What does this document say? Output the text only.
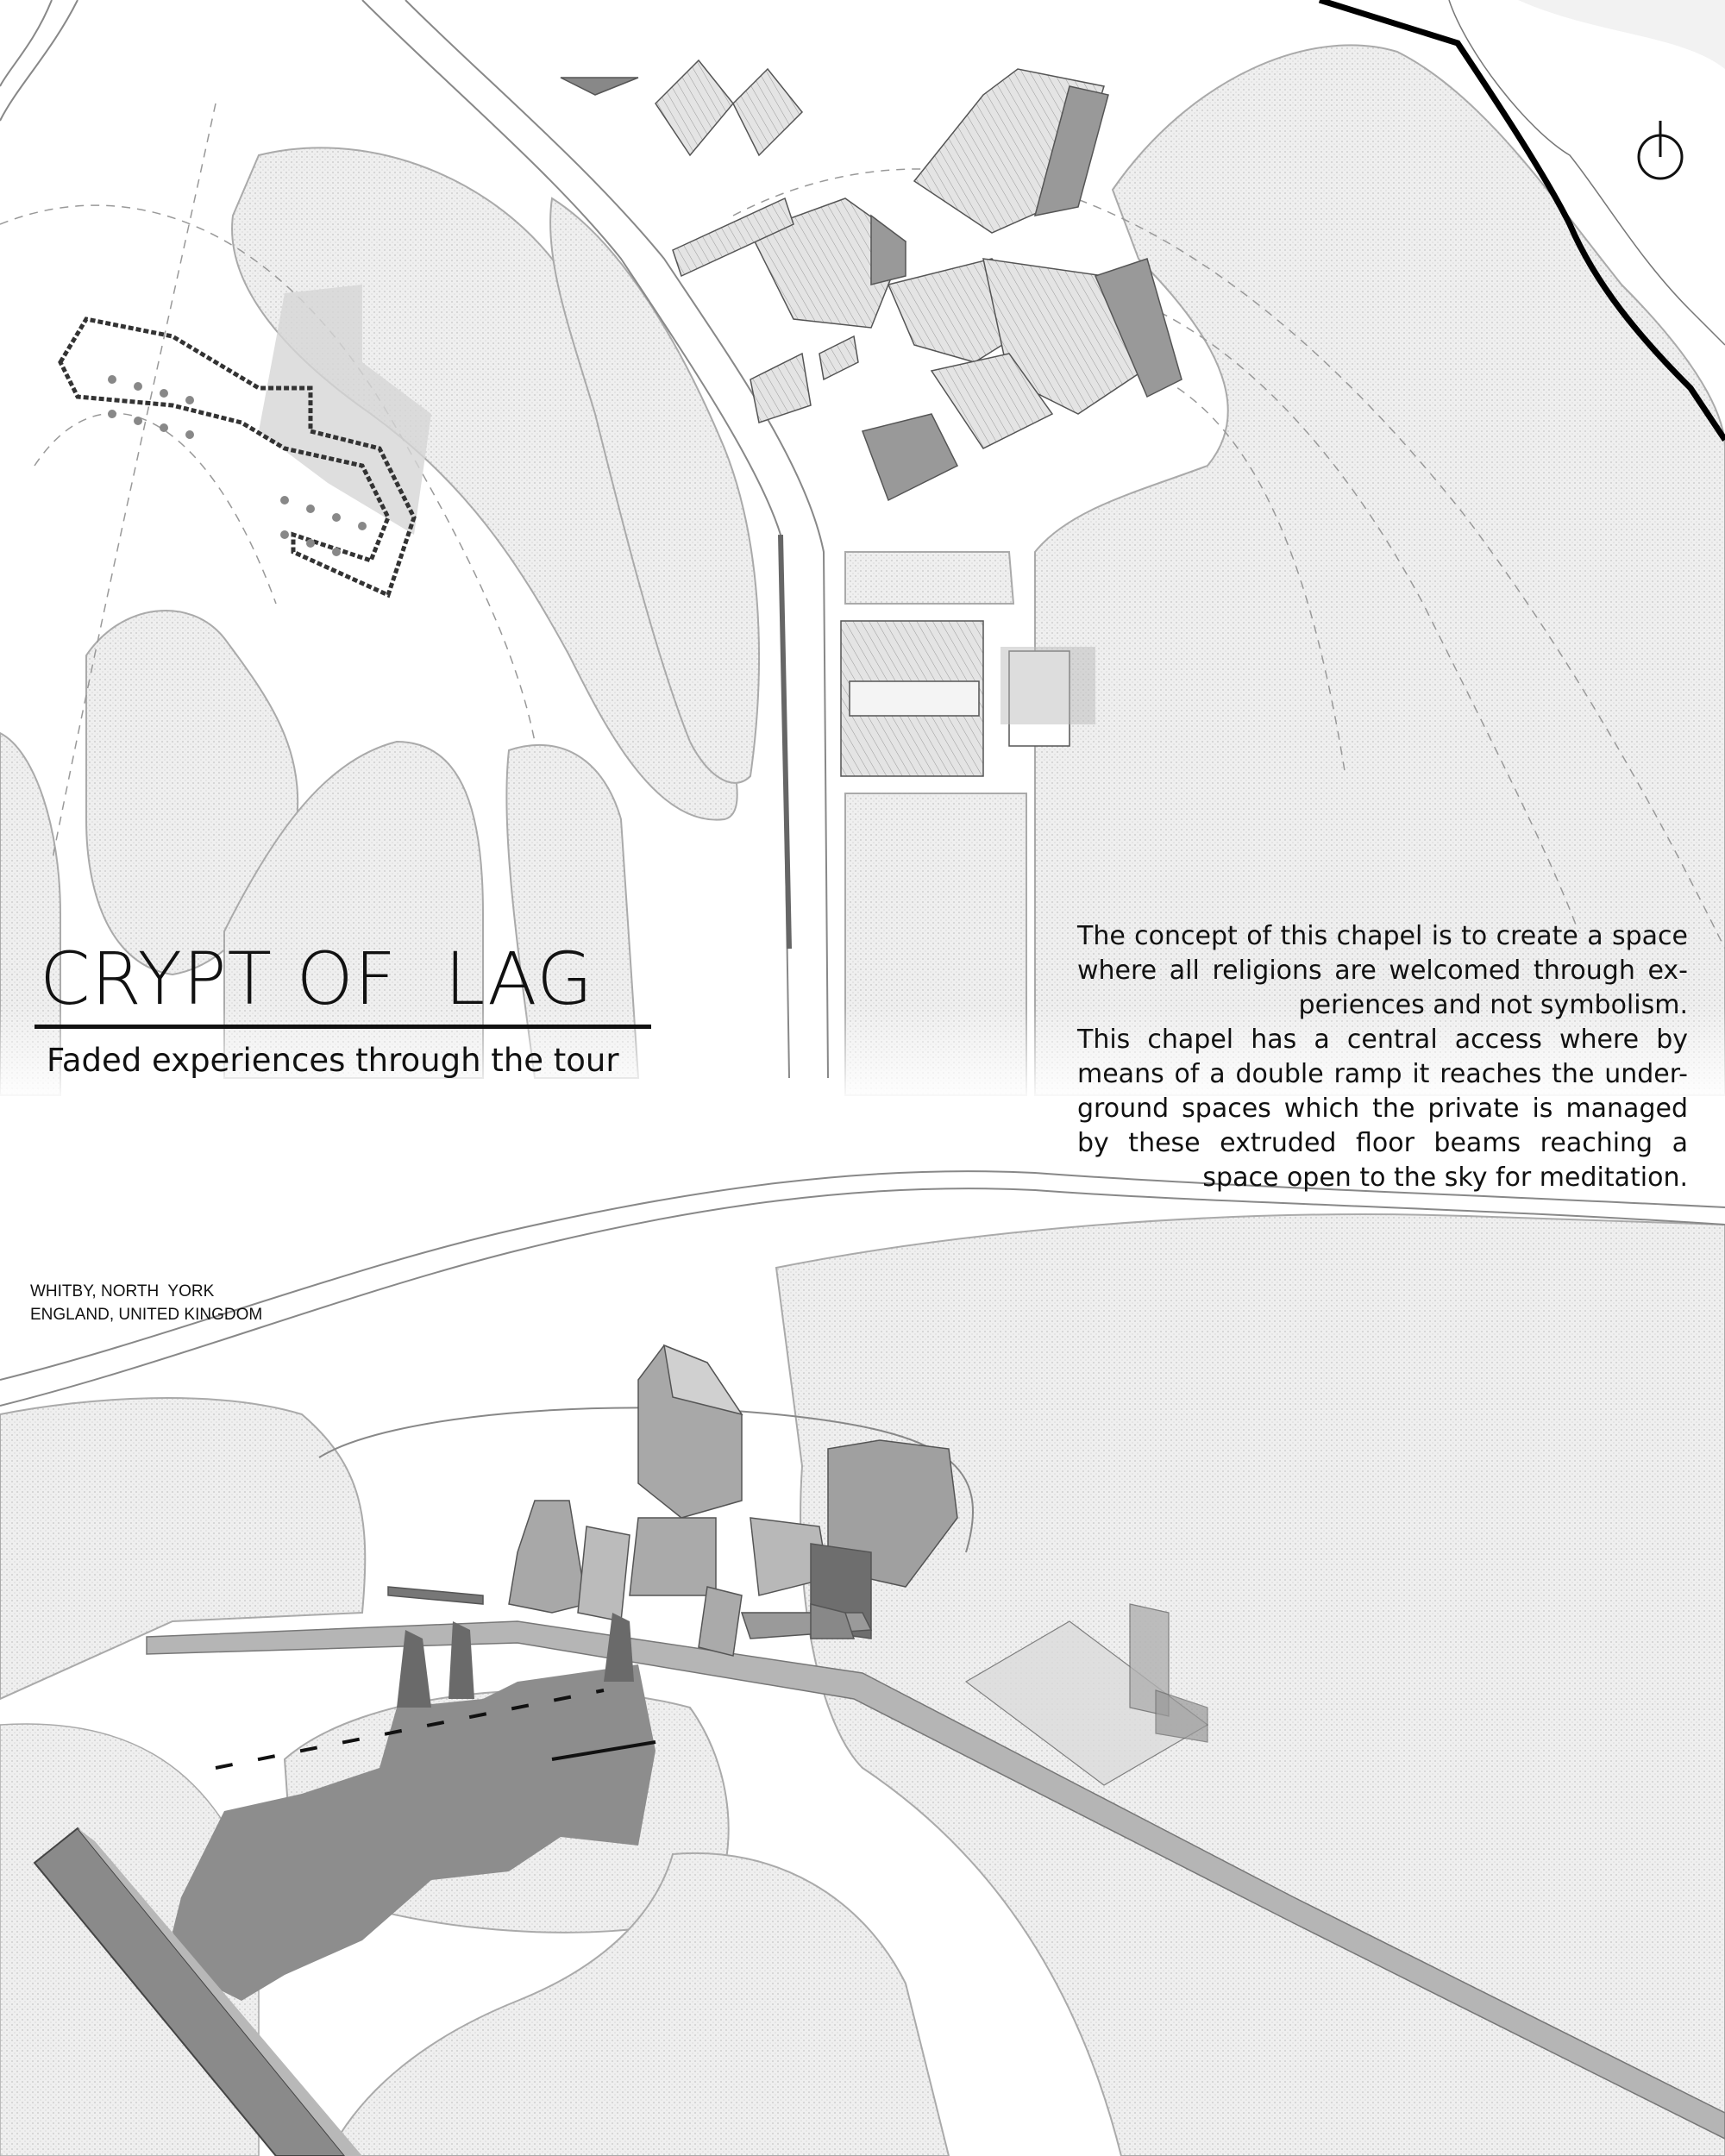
CRYPT OF  LAG
Faded experiences through the tour
The concept of this chapel is to create a space
where all religions are welcomed through ex-
periences and not symbolism.
This chapel has a central access where by
means of a double ramp it reaches the under-
ground spaces which the private is managed
by these extruded floor beams reaching a
space open to the sky for meditation.
WHITBY, NORTH  YORK
ENGLAND, UNITED KINGDOM
